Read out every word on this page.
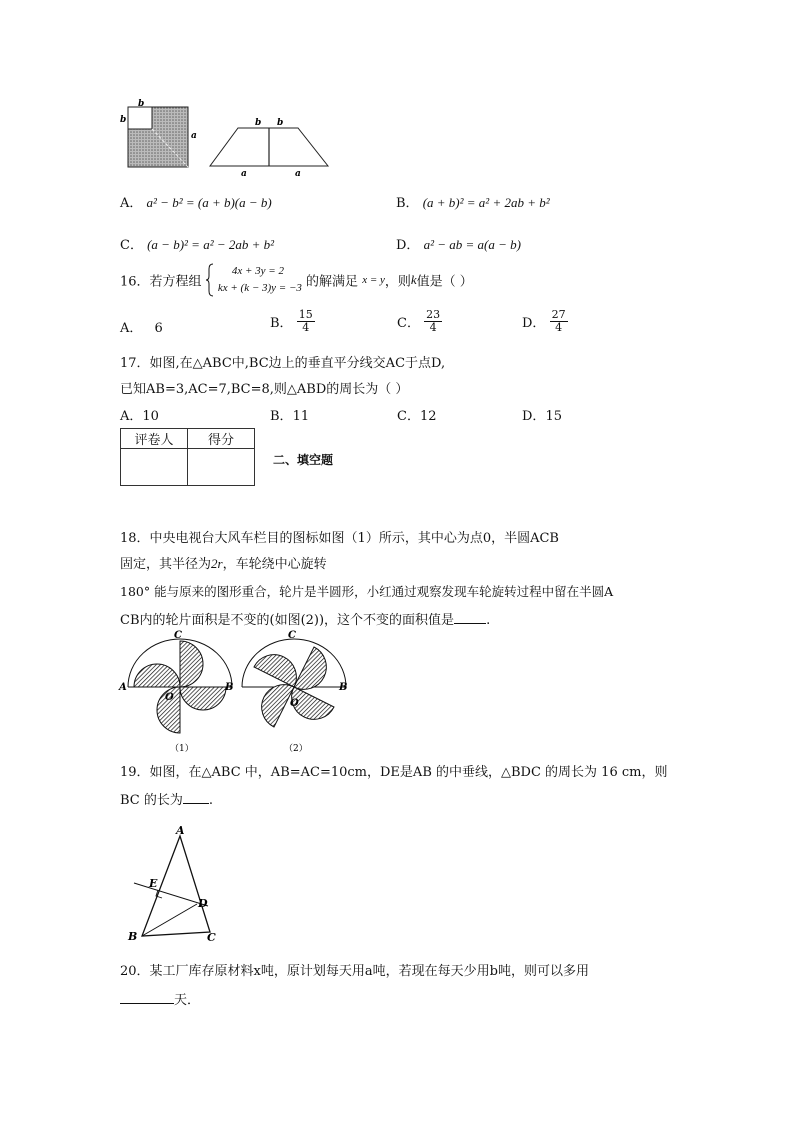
b
b
a
b b
a	a
A． a² − b² = (a + b)(a − b)	B． (a + b)² = a² + 2ab + b²
C． (a − b)² = a² − 2ab + b²	D． a² − ab = a(a − b)
16．若方程组
4x + 3y = 2
kx + (k − 3)y = −3 的解满足 x = y，则k值是（ ）
A． 6	B． $\frac{15}{4}$	C． $\frac{23}{4}$	D． $\frac{27}{4}$
17．如图,在△ABC中,BC边上的垂直平分线交AC于点D,
已知AB=3,AC=7,BC=8,则△ABD的周长为（ ）
A．10	B．11	C．12	D．15
评卷人	得分

二、填空题
18．中央电视台大风车栏目的图标如图（1）所示，其中心为点0，半圆ACB
固定，其半径为2r，车轮绕中心旋转
180° 能与原来的图形重合，轮片是半圆形，小红通过观察发现车轮旋转过程中留在半圆A
CB内的轮片面积是不变的(如图(2))，这个不变的面积值是 .
C
A	B
O
（1）
C
B
O
（2）
19．如图，在△ABC 中，AB=AC=10cm，DE是AB 的中垂线，△BDC 的周长为 16 cm，则
BC 的长为 .
A
E
D
B	C
20．某工厂库存原材料x吨，原计划每天用a吨，若现在每天少用b吨，则可以多用
天．
